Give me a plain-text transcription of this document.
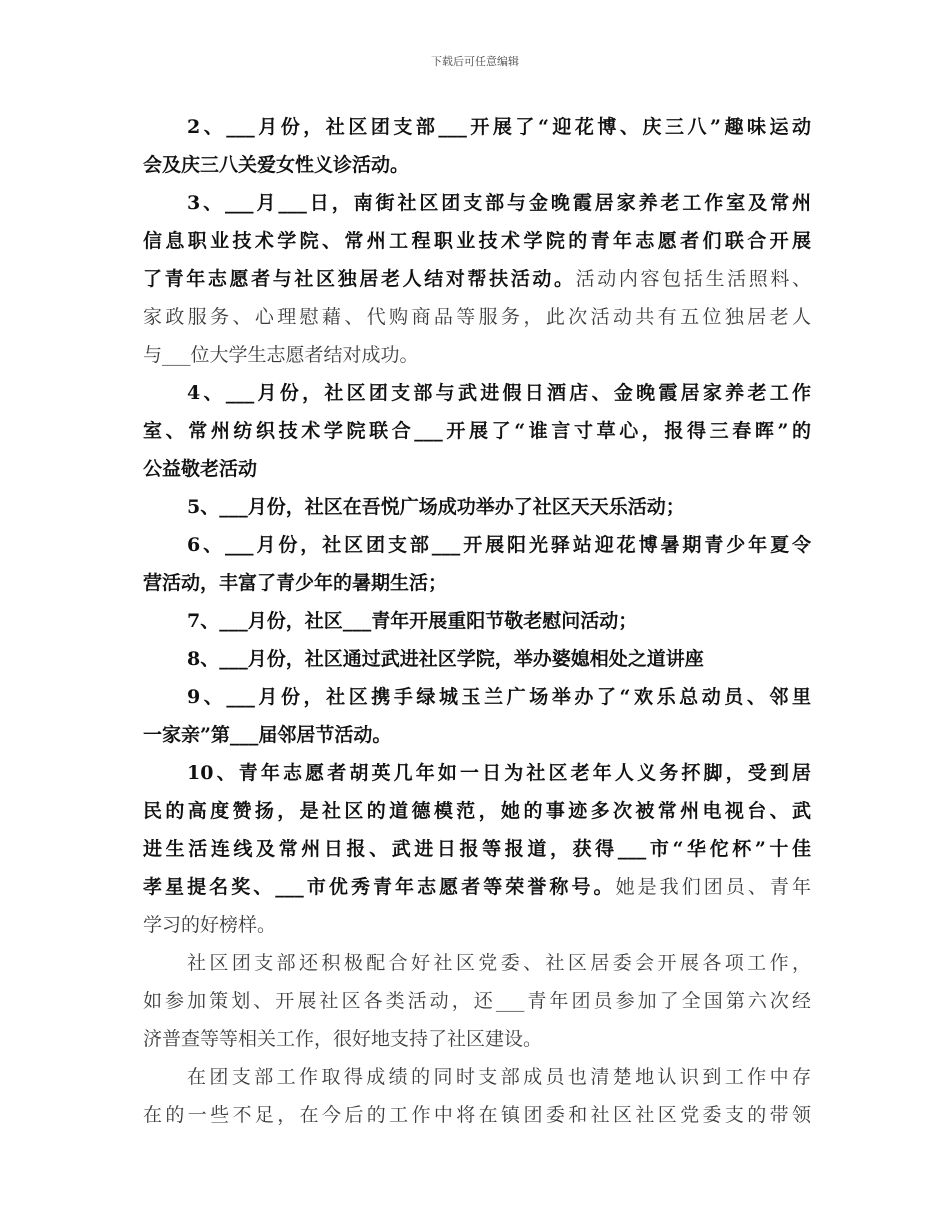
下载后可任意编辑
2、___月份，社区团支部___开展了“迎花博、庆三八”趣味运动
会及庆三八关爱女性义诊活动。
3、___月___日，南街社区团支部与金晚霞居家养老工作室及常州
信息职业技术学院、常州工程职业技术学院的青年志愿者们联合开展
了青年志愿者与社区独居老人结对帮扶活动。活动内容包括生活照料、
家政服务、心理慰藉、代购商品等服务，此次活动共有五位独居老人
与___位大学生志愿者结对成功。
4、___月份，社区团支部与武进假日酒店、金晚霞居家养老工作
室、常州纺织技术学院联合___开展了“谁言寸草心，报得三春晖”的
公益敬老活动
5、___月份，社区在吾悦广场成功举办了社区天天乐活动；
6、___月份，社区团支部___开展阳光驿站迎花博暑期青少年夏令
营活动，丰富了青少年的暑期生活；
7、___月份，社区___青年开展重阳节敬老慰问活动；
8、___月份，社区通过武进社区学院，举办婆媳相处之道讲座
9、___月份，社区携手绿城玉兰广场举办了“欢乐总动员、邻里
一家亲”第___届邻居节活动。
10、青年志愿者胡英几年如一日为社区老年人义务抔脚，受到居
民的高度赞扬，是社区的道德模范，她的事迹多次被常州电视台、武
进生活连线及常州日报、武进日报等报道，获得___市“华佗杯”十佳
孝星提名奖、___市优秀青年志愿者等荣誉称号。她是我们团员、青年
学习的好榜样。
社区团支部还积极配合好社区党委、社区居委会开展各项工作，
如参加策划、开展社区各类活动，还___青年团员参加了全国第六次经
济普查等等相关工作，很好地支持了社区建设。
在团支部工作取得成绩的同时支部成员也清楚地认识到工作中存
在的一些不足，在今后的工作中将在镇团委和社区社区党委支的带领
